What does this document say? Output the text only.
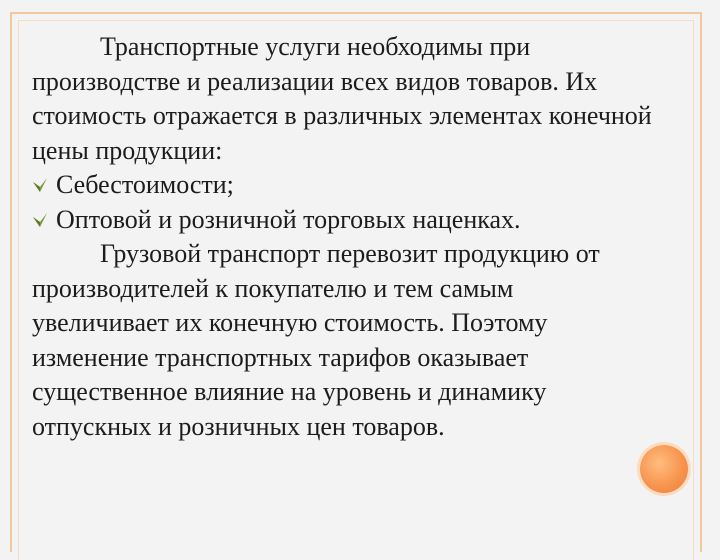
Транспортные услуги необходимы при производстве и реализации всех видов товаров. Их стоимость отражается в различных элементах конечной цены продукции:

Себестоимости;
Оптовой и розничной торговых наценках.

Грузовой транспорт перевозит продукцию от производителей к покупателю и тем самым увеличивает их конечную стоимость. Поэтому изменение транспортных тарифов оказывает существенное влияние на уровень и динамику отпускных и розничных цен товаров.
